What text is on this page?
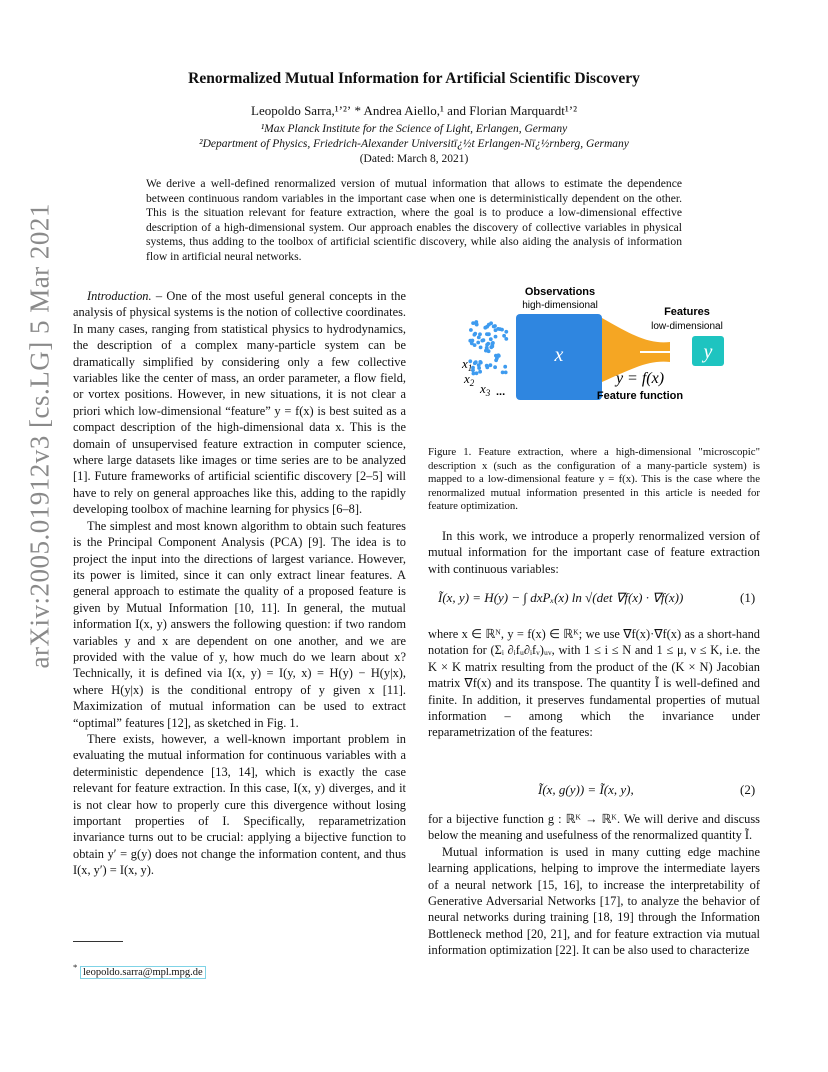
arXiv:2005.01912v3 [cs.LG] 5 Mar 2021
Renormalized Mutual Information for Artificial Scientific Discovery
Leopoldo Sarra,¹ʼ²ʼ * Andrea Aiello,¹ and Florian Marquardt¹ʼ²
¹Max Planck Institute for the Science of Light, Erlangen, Germany
²Department of Physics, Friedrich-Alexander Universitï¿½t Erlangen-Nï¿½rnberg, Germany
(Dated: March 8, 2021)
We derive a well-defined renormalized version of mutual information that allows to estimate the dependence between continuous random variables in the important case when one is deterministically dependent on the other. This is the situation relevant for feature extraction, where the goal is to produce a low-dimensional effective description of a high-dimensional system. Our approach enables the discovery of collective variables in physical systems, thus adding to the toolbox of artificial scientific discovery, while also aiding the analysis of information flow in artificial neural networks.

Introduction. – One of the most useful general concepts in the analysis of physical systems is the notion of collective coordinates. In many cases, ranging from statistical physics to hydrodynamics, the description of a complex many-particle system can be dramatically simplified by considering only a few collective variables like the center of mass, an order parameter, a flow field, or vortex positions. However, in new situations, it is not clear a priori which low-dimensional “feature” y = f(x) is best suited as a compact description of the high-dimensional data x. This is the domain of unsupervised feature extraction in computer science, where large datasets like images or time series are to be analyzed [1]. Future frameworks of artificial scientific discovery [2–5] will have to rely on general approaches like this, adding to the rapidly developing toolbox of machine learning for physics [6–8].

The simplest and most known algorithm to obtain such features is the Principal Component Analysis (PCA) [9]. The idea is to project the input into the directions of largest variance. However, its power is limited, since it can only extract linear features. A general approach to estimate the quality of a proposed feature is given by Mutual Information [10, 11]. In general, the mutual information I(x, y) answers the following question: if two random variables y and x are dependent on one another, and we are provided with the value of y, how much do we learn about x? Technically, it is defined via I(x, y) = I(y, x) = H(y) − H(y|x), where H(y|x) is the conditional entropy of y given x [11]. Maximization of mutual information can be used to extract “optimal” features [12], as sketched in Fig. 1.

There exists, however, a well-known important problem in evaluating the mutual information for continuous variables with a deterministic dependence [13, 14], which is exactly the case relevant for feature extraction. In this case, I(x, y) diverges, and it is not clear how to properly cure this divergence without losing important properties of I. Specifically, reparametrization invariance turns out to be crucial: applying a bijective function to obtain y′ = g(y) does not change the information content, and thus I(x, y′) = I(x, y).

* leopoldo.sarra@mpl.mpg.de
Observations
high-dimensional
Features
low-dimensional
x	y
y = f(x)
Feature function
$x_1$
$x_2$ $x_3$ ...
Figure 1. Feature extraction, where a high-dimensional "microscopic" description x (such as the configuration of a many-particle system) is mapped to a low-dimensional feature y = f(x). This is the case where the renormalized mutual information presented in this article is needed for feature optimization.

In this work, we introduce a properly renormalized version of mutual information for the important case of feature extraction with continuous variables:

Ĩ(x, y) = H(y) − ∫ dxPₓ(x) ln √(det ∇f(x) · ∇f(x))	(1)

where x ∈ ℝᴺ, y = f(x) ∈ ℝᴷ; we use ∇f(x)·∇f(x) as a short-hand notation for (Σᵢ ∂ᵢfᵤ∂ᵢfᵥ)ᵤᵥ, with 1 ≤ i ≤ N and 1 ≤ μ, ν ≤ K, i.e. the K × K matrix resulting from the product of the (K × N) Jacobian matrix ∇f(x) and its transpose. The quantity Ĩ is well-defined and finite. In addition, it preserves fundamental properties of mutual information – among which the invariance under reparametrization of the features:

Ĩ(x, g(y)) = Ĩ(x, y),	(2)

for a bijective function g : ℝᴷ → ℝᴷ. We will derive and discuss below the meaning and usefulness of the renormalized quantity Ĩ.

Mutual information is used in many cutting edge machine learning applications, helping to improve the intermediate layers of a neural network [15, 16], to increase the interpretability of Generative Adversarial Networks [17], to analyze the behavior of neural networks during training [18, 19] through the Information Bottleneck method [20, 21], and for feature extraction via mutual information optimization [22]. It can be also used to characterize
